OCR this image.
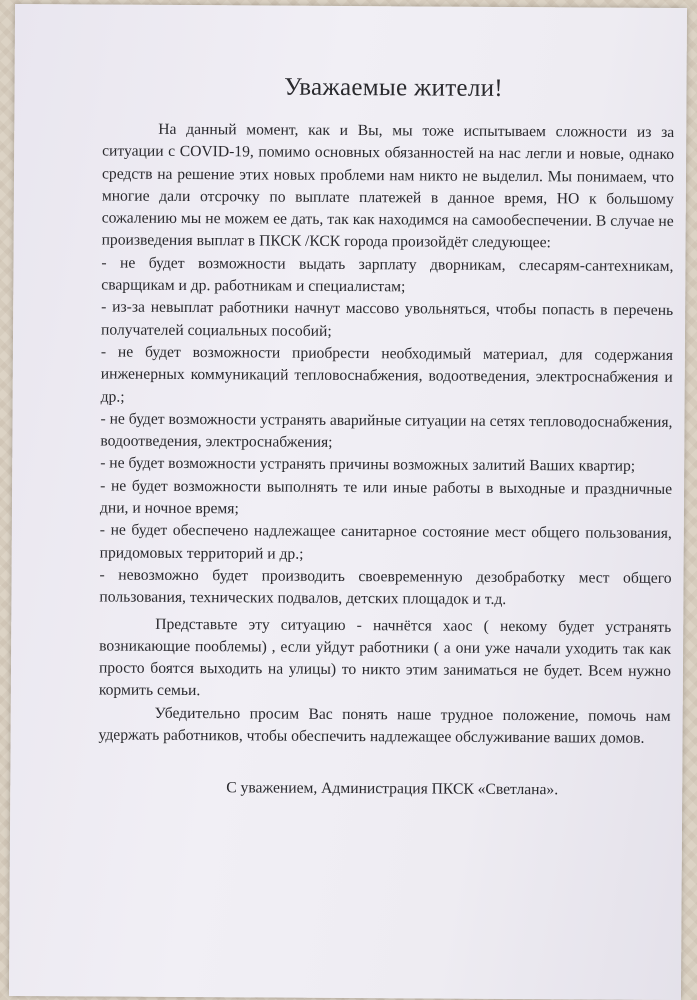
Уважаемые жители!

На данный момент, как и Вы, мы тоже испытываем сложности из за ситуации с COVID-19, помимо основных обязанностей на нас легли и новые, однако средств на решение этих новых проблеми нам никто не выделил. Мы понимаем, что многие дали отсрочку по выплате платежей в данное время, НО к большому сожалению мы не можем ее дать, так как находимся на самообеспечении. В случае не произведения выплат в ПКСК /КСК города произойдёт следующее:

- не будет возможности выдать зарплату дворникам, слесарям-сантехникам, сварщикам и др. работникам и специалистам;

- из-за невыплат работники начнут массово увольняться, чтобы попасть в перечень получателей социальных пособий;

- не будет возможности приобрести необходимый материал, для содержания инженерных коммуникаций тепловоснабжения, водоотведения, электроснабжения и др.;

- не будет возможности устранять аварийные ситуации на сетях тепловодоснабжения, водоотведения, электроснабжения;

- не будет возможности устранять причины возможных залитий Ваших квартир;

- не будет возможности выполнять те или иные работы в выходные и праздничные дни, и ночное время;

- не будет обеспечено надлежащее санитарное состояние мест общего пользования, придомовых территорий и др.;

- невозможно будет производить своевременную дезобработку мест общего пользования, технических подвалов, детских площадок и т.д.

Представьте эту ситуацию - начнётся хаос ( некому будет устранять возникающие пооблемы) , если уйдут работники ( а они уже начали уходить так как просто боятся выходить на улицы) то никто этим заниматься не будет. Всем нужно кормить семьи.

Убедительно просим Вас понять наше трудное положение, помочь нам удержать работников, чтобы обеспечить надлежащее обслуживание ваших домов.

С уважением, Администрация ПКСК «Светлана».
